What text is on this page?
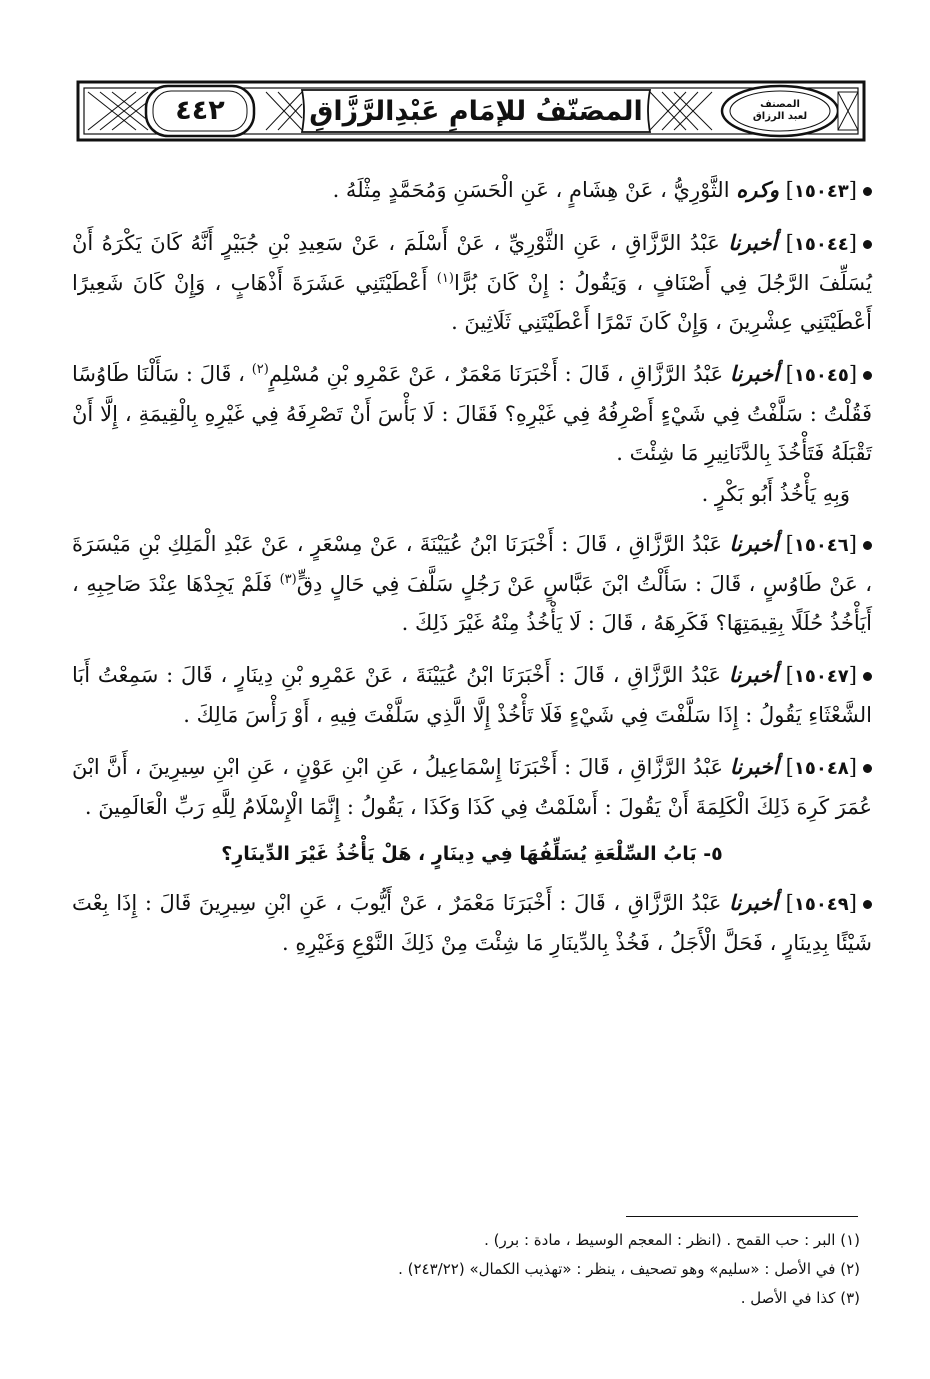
٤٤٢	المصَنّفُ للإمَامِ عَبْدِالرَّزَّاقِ	المصنف
لعبد الرزاق

[١٥٠٤٣] وكره الثَّوْرِيُّ ، عَنْ هِشَامٍ ، عَنِ الْحَسَنِ وَمُحَمَّدٍ مِثْلَهُ .

[١٥٠٤٤] أخبرنا عَبْدُ الرَّزَّاقِ ، عَنِ الثَّوْرِيِّ ، عَنْ أَسْلَمَ ، عَنْ سَعِيدِ بْنِ جُبَيْرٍ أَنَّهُ كَانَ يَكْرَهُ أَنْ يُسَلِّفَ الرَّجُلَ فِي أَصْنَافٍ ، وَيَقُولُ : إِنْ كَانَ بُرًّا$^{(١)}$ أَعْطَيْتَنِي عَشَرَةَ أَذْهَابٍ ، وَإِنْ كَانَ شَعِيرًا أَعْطَيْتَنِي عِشْرِينَ ، وَإِنْ كَانَ تَمْرًا أَعْطَيْتَنِي ثَلَاثِينَ .

[١٥٠٤٥] أخبرنا عَبْدُ الرَّزَّاقِ ، قَالَ : أَخْبَرَنَا مَعْمَرٌ ، عَنْ عَمْرِو بْنِ مُسْلِمٍ$^{(٢)}$ ، قَالَ : سَأَلْنَا طَاوُسًا فَقُلْتُ : سَلَّفْتُ فِي شَيْءٍ أَصْرِفُهُ فِي غَيْرِهِ؟ فَقَالَ : لَا بَأْسَ أَنْ تَصْرِفَهُ فِي غَيْرِهِ بِالْقِيمَةِ ، إِلَّا أَنْ تَقْبَلَهُ فَتَأْخُذَ بِالدَّنَانِيرِ مَا شِئْتَ .

وَبِهِ يَأْخُذُ أَبُو بَكْرٍ .

[١٥٠٤٦] أخبرنا عَبْدُ الرَّزَّاقِ ، قَالَ : أَخْبَرَنَا ابْنُ عُيَيْنَةَ ، عَنْ مِسْعَرٍ ، عَنْ عَبْدِ الْمَلِكِ بْنِ مَيْسَرَةَ ، عَنْ طَاوُسٍ ، قَالَ : سَأَلْتُ ابْنَ عَبَّاسٍ عَنْ رَجُلٍ سَلَّفَ فِي حَالٍ دِقٍّ$^{(٣)}$ فَلَمْ يَجِدْهَا عِنْدَ صَاحِبِهِ ، أَيَأْخُذُ حُلَلًا بِقِيمَتِهَا؟ فَكَرِهَهُ ، قَالَ : لَا يَأْخُذُ مِنْهُ غَيْرَ ذَلِكَ .

[١٥٠٤٧] أخبرنا عَبْدُ الرَّزَّاقِ ، قَالَ : أَخْبَرَنَا ابْنُ عُيَيْنَةَ ، عَنْ عَمْرِو بْنِ دِينَارٍ ، قَالَ : سَمِعْتُ أَبَا الشَّعْثَاءِ يَقُولُ : إِذَا سَلَّفْتَ فِي شَيْءٍ فَلَا تَأْخُذْ إِلَّا الَّذِي سَلَّفْتَ فِيهِ ، أَوْ رَأْسَ مَالِكَ .

[١٥٠٤٨] أخبرنا عَبْدُ الرَّزَّاقِ ، قَالَ : أَخْبَرَنَا إِسْمَاعِيلُ ، عَنِ ابْنِ عَوْنٍ ، عَنِ ابْنِ سِيرِينَ ، أَنَّ ابْنَ عُمَرَ كَرِهَ ذَلِكَ الْكَلِمَةَ أَنْ يَقُولَ : أَسْلَمْتُ فِي كَذَا وَكَذَا ، يَقُولُ : إِنَّمَا الْإِسْلَامُ لِلَّهِ رَبِّ الْعَالَمِينَ .

٥- بَابُ السِّلْعَةِ يُسَلِّفُهَا فِي دِينَارٍ ، هَلْ يَأْخُذُ غَيْرَ الدِّينَارِ؟

[١٥٠٤٩] أخبرنا عَبْدُ الرَّزَّاقِ ، قَالَ : أَخْبَرَنَا مَعْمَرٌ ، عَنْ أَيُّوبَ ، عَنِ ابْنِ سِيرِينَ قَالَ : إِذَا بِعْتَ شَيْئًا بِدِينَارٍ ، فَحَلَّ الْأَجَلُ ، فَخُذْ بِالدِّينَارِ مَا شِئْتَ مِنْ ذَلِكَ النَّوْعِ وَغَيْرِهِ .

(١) البر : حب القمح . (انظر : المعجم الوسيط ، مادة : برر) .
(٢) في الأصل : «سليم» وهو تصحيف ، ينظر : «تهذيب الكمال» (٢٤٣/٢٢) .
(٣) كذا في الأصل .
